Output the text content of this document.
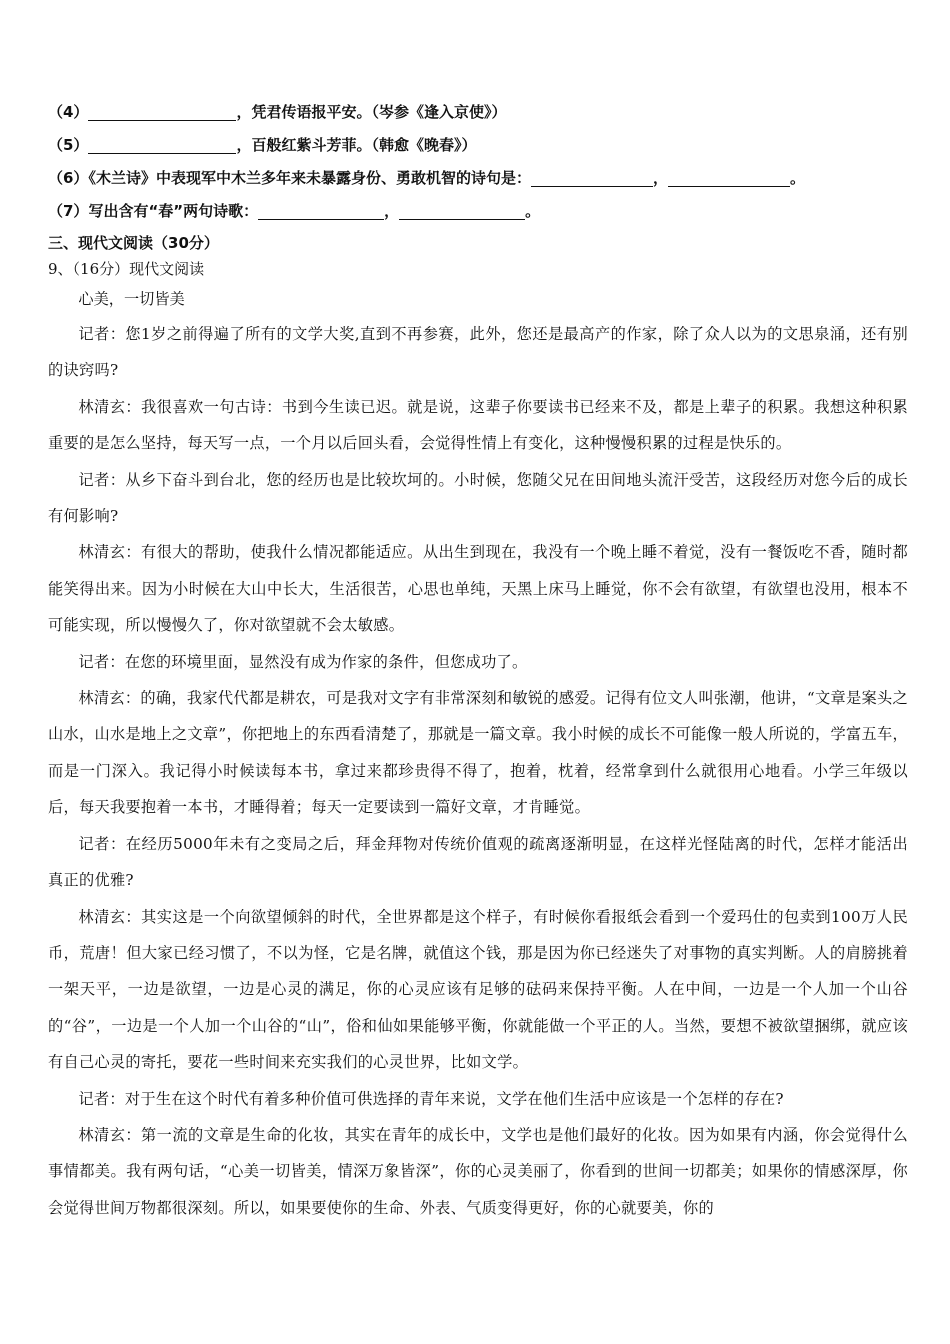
（4）	，凭君传语报平安。（岑参《逢入京使》）
（5）	，百般红紫斗芳菲。（韩愈《晚春》）
（6）《木兰诗》中表现军中木兰多年来未暴露身份、勇敢机智的诗句是：	，	。
（7）写出含有“春”两句诗歌：	，	。
三、现代文阅读（30分）
9、（16分）现代文阅读

心美，一切皆美

记者：您1岁之前得遍了所有的文学大奖,直到不再参赛，此外，您还是最高产的作家，除了众人以为的文思泉涌，还有别的诀窍吗?

林清玄：我很喜欢一句古诗：书到今生读已迟。就是说，这辈子你要读书已经来不及，都是上辈子的积累。我想这种积累重要的是怎么坚持，每天写一点，一个月以后回头看，会觉得性情上有变化，这种慢慢积累的过程是快乐的。

记者：从乡下奋斗到台北，您的经历也是比较坎坷的。小时候，您随父兄在田间地头流汗受苦，这段经历对您今后的成长有何影响?

林清玄：有很大的帮助，使我什么情况都能适应。从出生到现在，我没有一个晚上睡不着觉，没有一餐饭吃不香，随时都能笑得出来。因为小时候在大山中长大，生活很苦，心思也单纯，天黑上床马上睡觉，你不会有欲望，有欲望也没用，根本不可能实现，所以慢慢久了，你对欲望就不会太敏感。

记者：在您的环境里面，显然没有成为作家的条件，但您成功了。

林清玄：的确，我家代代都是耕农，可是我对文字有非常深刻和敏锐的感爱。记得有位文人叫张潮，他讲，“文章是案头之山水，山水是地上之文章”，你把地上的东西看清楚了，那就是一篇文章。我小时候的成长不可能像一般人所说的，学富五车，而是一门深入。我记得小时候读每本书，拿过来都珍贵得不得了，抱着，枕着，经常拿到什么就很用心地看。小学三年级以后，每天我要抱着一本书，才睡得着；每天一定要读到一篇好文章，才肯睡觉。

记者：在经历5000年未有之变局之后，拜金拜物对传统价值观的疏离逐渐明显，在这样光怪陆离的时代，怎样才能活出真正的优雅?

林清玄：其实这是一个向欲望倾斜的时代，全世界都是这个样子，有时候你看报纸会看到一个爱玛仕的包卖到100万人民币，荒唐！但大家已经习惯了，不以为怪，它是名牌，就值这个钱，那是因为你已经迷失了对事物的真实判断。人的肩膀挑着一架天平，一边是欲望，一边是心灵的满足，你的心灵应该有足够的砝码来保持平衡。人在中间，一边是一个人加一个山谷的“谷”，一边是一个人加一个山谷的“山”，俗和仙如果能够平衡，你就能做一个平正的人。当然，要想不被欲望捆绑，就应该有自己心灵的寄托，要花一些时间来充实我们的心灵世界，比如文学。

记者：对于生在这个时代有着多种价值可供选择的青年来说，文学在他们生活中应该是一个怎样的存在?

林清玄：第一流的文章是生命的化妆，其实在青年的成长中，文学也是他们最好的化妆。因为如果有内涵，你会觉得什么事情都美。我有两句话，“心美一切皆美，情深万象皆深”，你的心灵美丽了，你看到的世间一切都美；如果你的情感深厚，你会觉得世间万物都很深刻。所以，如果要使你的生命、外表、气质变得更好，你的心就要美，你的
